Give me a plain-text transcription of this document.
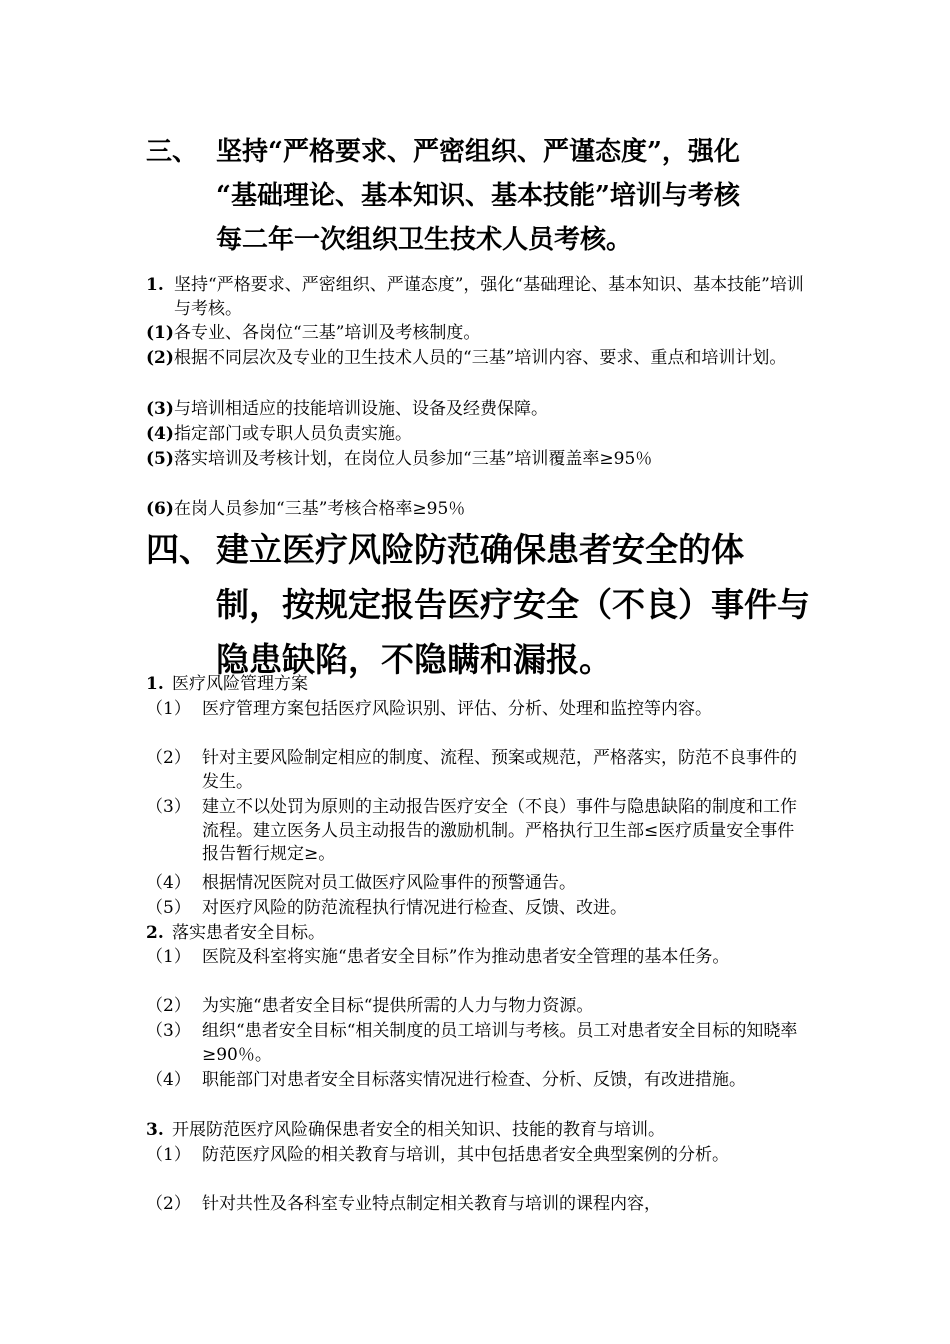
三、 坚持“严格要求、严密组织、严谨态度”，强化
“基础理论、基本知识、基本技能”培训与考核
每二年一次组织卫生技术人员考核。
1. 坚持“严格要求、严密组织、严谨态度”，强化“基础理论、基本知识、基本技能”培训与考核。
(1) 各专业、各岗位“三基”培训及考核制度。
(2) 根据不同层次及专业的卫生技术人员的“三基”培训内容、要求、重点和培训计划。
(3) 与培训相适应的技能培训设施、设备及经费保障。
(4) 指定部门或专职人员负责实施。
(5) 落实培训及考核计划，在岗位人员参加“三基”培训覆盖率≥95％
(6) 在岗人员参加“三基”考核合格率≥95％
四、 建立医疗风险防范确保患者安全的体
制，按规定报告医疗安全（不良）事件与
隐患缺陷，不隐瞒和漏报。
1. 医疗风险管理方案
（1） 医疗管理方案包括医疗风险识别、评估、分析、处理和监控等内容。
（2） 针对主要风险制定相应的制度、流程、预案或规范，严格落实，防范不良事件的发生。
（3） 建立不以处罚为原则的主动报告医疗安全（不良）事件与隐患缺陷的制度和工作流程。建立医务人员主动报告的激励机制。严格执行卫生部≤医疗质量安全事件报告暂行规定≥。
（4） 根据情况医院对员工做医疗风险事件的预警通告。
（5） 对医疗风险的防范流程执行情况进行检查、反馈、改进。
2. 落实患者安全目标。
（1） 医院及科室将实施“患者安全目标”作为推动患者安全管理的基本任务。
（2） 为实施“患者安全目标“提供所需的人力与物力资源。
（3） 组织“患者安全目标“相关制度的员工培训与考核。员工对患者安全目标的知晓率≥90％。
（4） 职能部门对患者安全目标落实情况进行检查、分析、反馈，有改进措施。
3. 开展防范医疗风险确保患者安全的相关知识、技能的教育与培训。
（1） 防范医疗风险的相关教育与培训，其中包括患者安全典型案例的分析。
（2） 针对共性及各科室专业特点制定相关教育与培训的课程内容，
